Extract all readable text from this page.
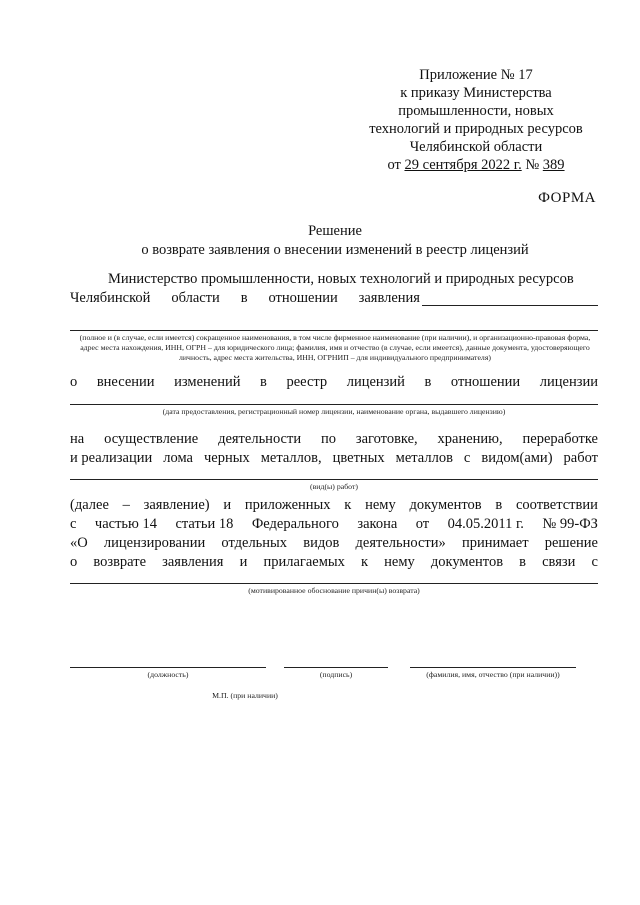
Приложение № 17
к приказу Министерства
промышленности, новых
технологий и природных ресурсов
Челябинской области
от 29 сентября 2022 г. № 389
ФОРМА
Решение
о возврате заявления о внесении изменений в реестр лицензий
Министерство промышленности, новых технологий и природных ресурсов
Челябинской области в отношении заявления
(полное и (в случае, если имеется) сокращенное наименования, в том числе фирменное наименование (при наличии), и организационно-правовая форма, адрес места нахождения, ИНН, ОГРН – для юридического лица; фамилия, имя и отчество (в случае, если имеется), данные документа, удостоверяющего личность, адрес места жительства, ИНН, ОГРНИП – для индивидуального предпринимателя)
о внесении изменений в реестр лицензий в отношении лицензии
(дата предоставления, регистрационный номер лицензии, наименование органа, выдавшего лицензию)
на осуществление деятельности по заготовке, хранению, переработке
и реализации лома черных металлов, цветных металлов с видом(ами) работ
(вид(ы) работ)
(далее – заявление) и приложенных к нему документов в соответствии
с частью 14 статьи 18 Федерального закона от 04.05.2011 г. № 99-ФЗ
«О лицензировании отдельных видов деятельности» принимает решение
о возврате заявления и прилагаемых к нему документов в связи с
(мотивированное обоснование причин(ы) возврата)
(должность)	(подпись)	(фамилия, имя, отчество (при наличии))
М.П. (при наличии)
